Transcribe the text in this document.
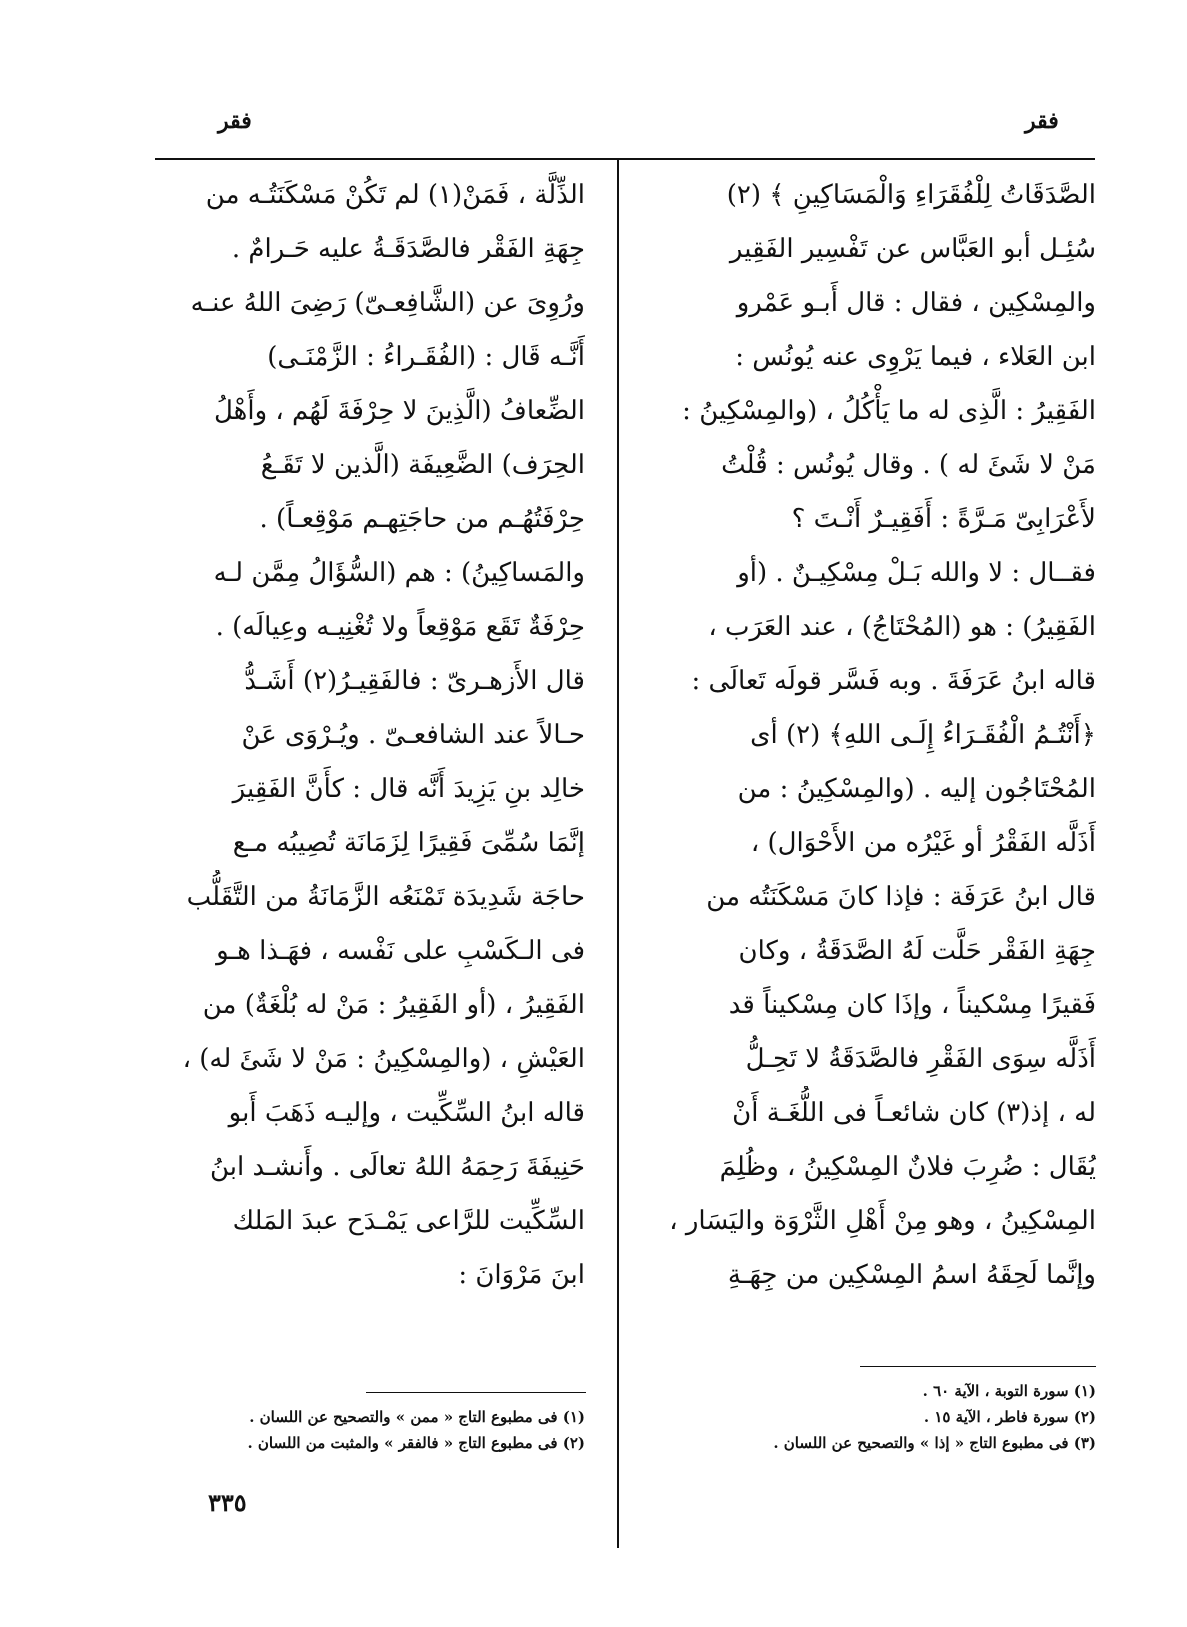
فقر
فقر
الصَّدَقَاتُ لِلْفُقَرَاءِ وَالْمَسَاكِينِ ﴾ (٢)
سُئِـل أبو العَبَّاس عن تَفْسِير الفَقِير
والمِسْكِين ، فقال : قال أَبـو عَمْرو
ابن العَلاء ، فيما يَرْوِى عنه يُونُس :
الفَقِيرُ : الَّذِى له ما يَأْكُلُ ، (والمِسْكِينُ :
مَنْ لا شَئَ له ) . وقال يُونُس : قُلْتُ
لأَعْرَابِىّ مَـرَّةً : أَفَقِيـرٌ أَنْـتَ ؟
فقــال : لا والله بَـلْ مِسْكِيـنٌ . (أو
الفَقِيرُ) : هو (المُحْتَاجُ) ، عند العَرَب ،
قاله ابنُ عَرَفَةَ . وبه فَسَّر قولَه تَعالَى :
﴿أَنْتُـمُ الْفُقَـرَاءُ إِلَـى اللهِ﴾ (٢) أى
المُحْتَاجُون إليه . (والمِسْكِينُ : من
أَذَلَّه الفَقْرُ أو غَيْرُه من الأَحْوَال) ،
قال ابنُ عَرَفَة : فإذا كانَ مَسْكَنَتُه من
جِهَةِ الفَقْر حَلَّت لَهُ الصَّدَقَةُ ، وكان
فَقيرًا مِسْكيناً ، وإذَا كان مِسْكيناً قد
أَذَلَّه سِوَى الفَقْرِ فالصَّدَقَةُ لا تَحِـلُّ
له ، إذ(٣) كان شائعـاً فى اللُّغَـة أَنْ
يُقَال : ضُرِبَ فلانٌ المِسْكِينُ ، وظُلِمَ
المِسْكِينُ ، وهو مِنْ أَهْلِ الثَّرْوَة واليَسَار ،
وإنَّما لَحِقَهُ اسمُ المِسْكِين من جِهَـةِ
الذِّلَّة ، فَمَنْ(١) لم تَكُنْ مَسْكَنَتُـه من
جِهَةِ الفَقْر فالصَّدَقَـةُ عليه حَـرامٌ .
ورُوِىَ عن (الشَّافِعـىّ) رَضِىَ اللهُ عنـه
أَنَّـه قَال : (الفُقَـراءُ : الزَّمْنَـى)
الضِّعافُ (الَّذِينَ لا حِرْفَةَ لَهُم ، وأَهْلُ
الحِرَف) الضَّعِيفَة (الَّذين لا تَقَـعُ
حِرْفَتُهُـم من حاجَتِهـم مَوْقِعـاً) .
والمَساكِينُ) : هم (السُّؤَالُ مِمَّن لـه
حِرْفَةٌ تَقَع مَوْقِعاً ولا تُغْنِيـه وعِيالَه) .
قال الأَزهـرىّ : فالفَقِيـرُ(٢) أَشَـدُّ
حـالاً عند الشافعـىّ . ويُـرْوَى عَنْ
خالِد بنِ يَزِيدَ أَنَّه قال : كأَنَّ الفَقِيرَ
إنَّمَا سُمِّىَ فَقِيرًا لِزَمَانَة تُصِيبُه مـع
حاجَة شَدِيدَة تَمْنَعُه الزَّمَانَةُ من التَّقَلُّب
فى الـكَسْبِ على نَفْسه ، فهَـذا هـو
الفَقِيرُ ، (أو الفَقِيرُ : مَنْ له بُلْغَةٌ) من
العَيْشِ ، (والمِسْكِينُ : مَنْ لا شَئَ له) ،
قاله ابنُ السِّكِّيت ، وإليـه ذَهَبَ أَبو
حَنِيفَةَ رَحِمَهُ اللهُ تعالَى . وأَنشـد ابنُ
السِّكِّيت للرَّاعى يَمْـدَح عبدَ المَلك
ابنَ مَرْوَانَ :
(١) سورة التوبة ، الآية ٦٠ .
(٢) سورة فاطر ، الآية ١٥ .
(٣) فى مطبوع التاج « إذا » والتصحيح عن اللسان .
(١) فى مطبوع التاج « ممن » والتصحيح عن اللسان .
(٢) فى مطبوع التاج « فالفقر » والمثبت من اللسان .
٣٣٥
